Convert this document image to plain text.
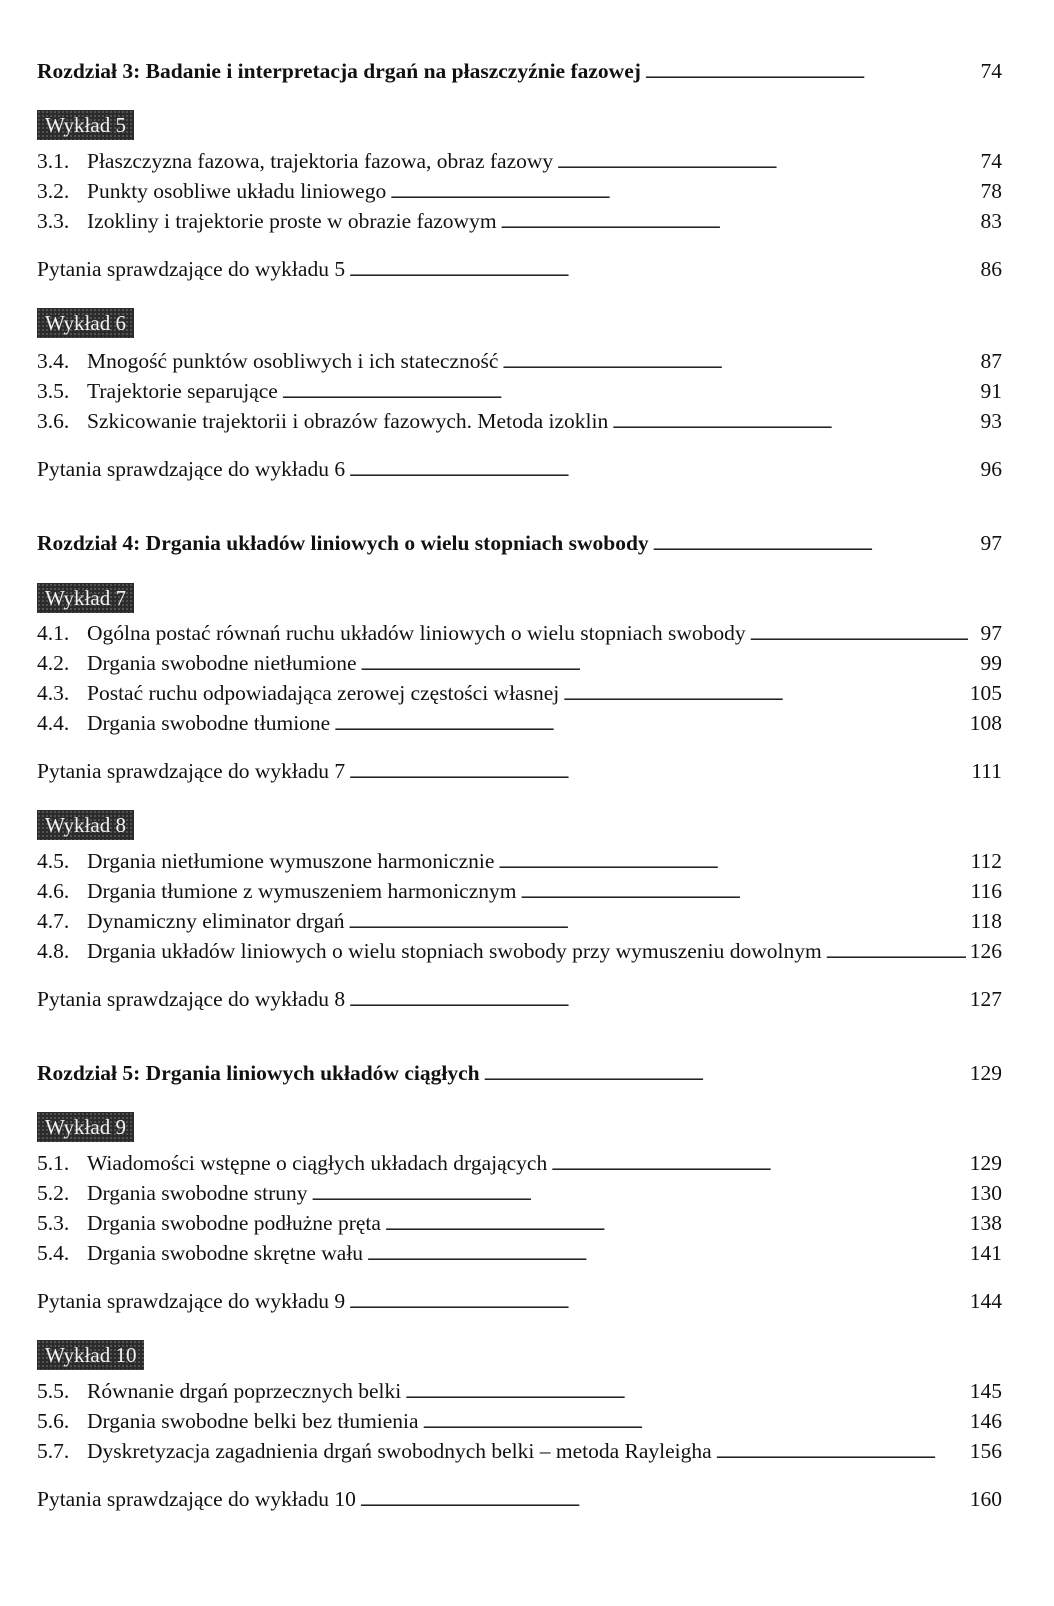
Rozdział 3: Badanie i interpretacja drgań na płaszczyźnie fazowej . . .	74
Wykład 5
3.1. Płaszczyzna fazowa, trajektoria fazowa, obraz fazowy . . .	74
3.2. Punkty osobliwe układu liniowego . . .	78
3.3. Izokliny i trajektorie proste w obrazie fazowym . . .	83
Pytania sprawdzające do wykładu 5 . . .	86
Wykład 6
3.4. Mnogość punktów osobliwych i ich stateczność . . .	87
3.5. Trajektorie separujące . . .	91
3.6. Szkicowanie trajektorii i obrazów fazowych. Metoda izoklin . . .	93
Pytania sprawdzające do wykładu 6 . . .	96
Rozdział 4: Drgania układów liniowych o wielu stopniach swobody . . .	97
Wykład 7
4.1. Ogólna postać równań ruchu układów liniowych o wielu stopniach swobody . . .	97
4.2. Drgania swobodne nietłumione . . .	99
4.3. Postać ruchu odpowiadająca zerowej częstości własnej . . .	105
4.4. Drgania swobodne tłumione . . .	108
Pytania sprawdzające do wykładu 7 . . .	111
Wykład 8
4.5. Drgania nietłumione wymuszone harmonicznie . . .	112
4.6. Drgania tłumione z wymuszeniem harmonicznym . . .	116
4.7. Dynamiczny eliminator drgań . . .	118
4.8. Drgania układów liniowych o wielu stopniach swobody przy wymuszeniu dowolnym . . .	126
Pytania sprawdzające do wykładu 8 . . .	127
Rozdział 5: Drgania liniowych układów ciągłych . . .	129
Wykład 9
5.1. Wiadomości wstępne o ciągłych układach drgających . . .	129
5.2. Drgania swobodne struny . . .	130
5.3. Drgania swobodne podłużne pręta . . .	138
5.4. Drgania swobodne skrętne wału . . .	141
Pytania sprawdzające do wykładu 9 . . .	144
Wykład 10
5.5. Równanie drgań poprzecznych belki . . .	145
5.6. Drgania swobodne belki bez tłumienia . . .	146
5.7. Dyskretyzacja zagadnienia drgań swobodnych belki – metoda Rayleigha . . .	156
Pytania sprawdzające do wykładu 10 . . .	160
